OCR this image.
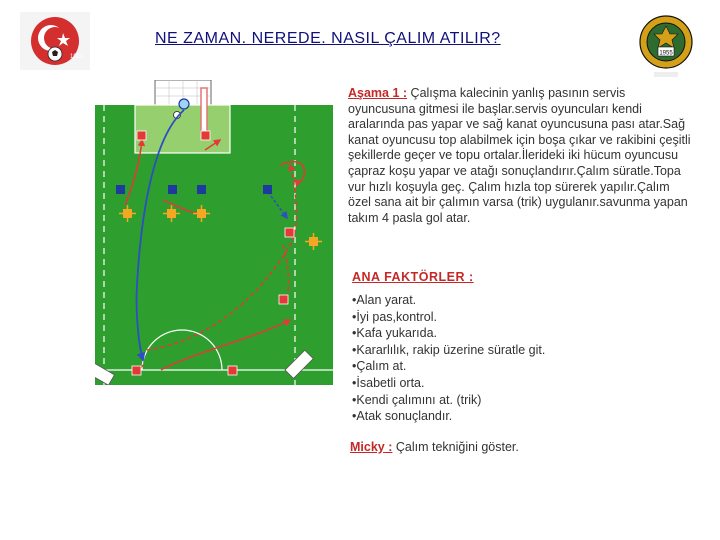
1923
NE ZAMAN. NEREDE. NASIL ÇALIM ATILIR?
1955

Aşama 1 : Çalışma kalecinin yanlış pasının servis oyuncusuna gitmesi ile başlar.servis oyuncuları kendi aralarında pas yapar ve sağ kanat oyuncusuna pası atar.Sağ kanat oyuncusu top alabilmek için boşa çıkar ve rakibini çeşitli şekillerde geçer ve topu ortalar.İlerideki iki hücum oyuncusu çapraz koşu yapar ve atağı sonuçlandırır.Çalım süratle.Topa vur hızlı koşuyla geç. Çalım hızla top sürerek yapılır.Çalım özel sana ait bir çalımın varsa (trik) uygulanır.savunma yapan takım 4 pasla gol atar.

ANA FAKTÖRLER :
• Alan yarat.
• İyi pas,kontrol.
• Kafa yukarıda.
• Kararlılık, rakip üzerine süratle git.
• Çalım at.
• İsabetli orta.
• Kendi çalımını at. (trik)
• Atak sonuçlandır.
Micky : Çalım tekniğini göster.
